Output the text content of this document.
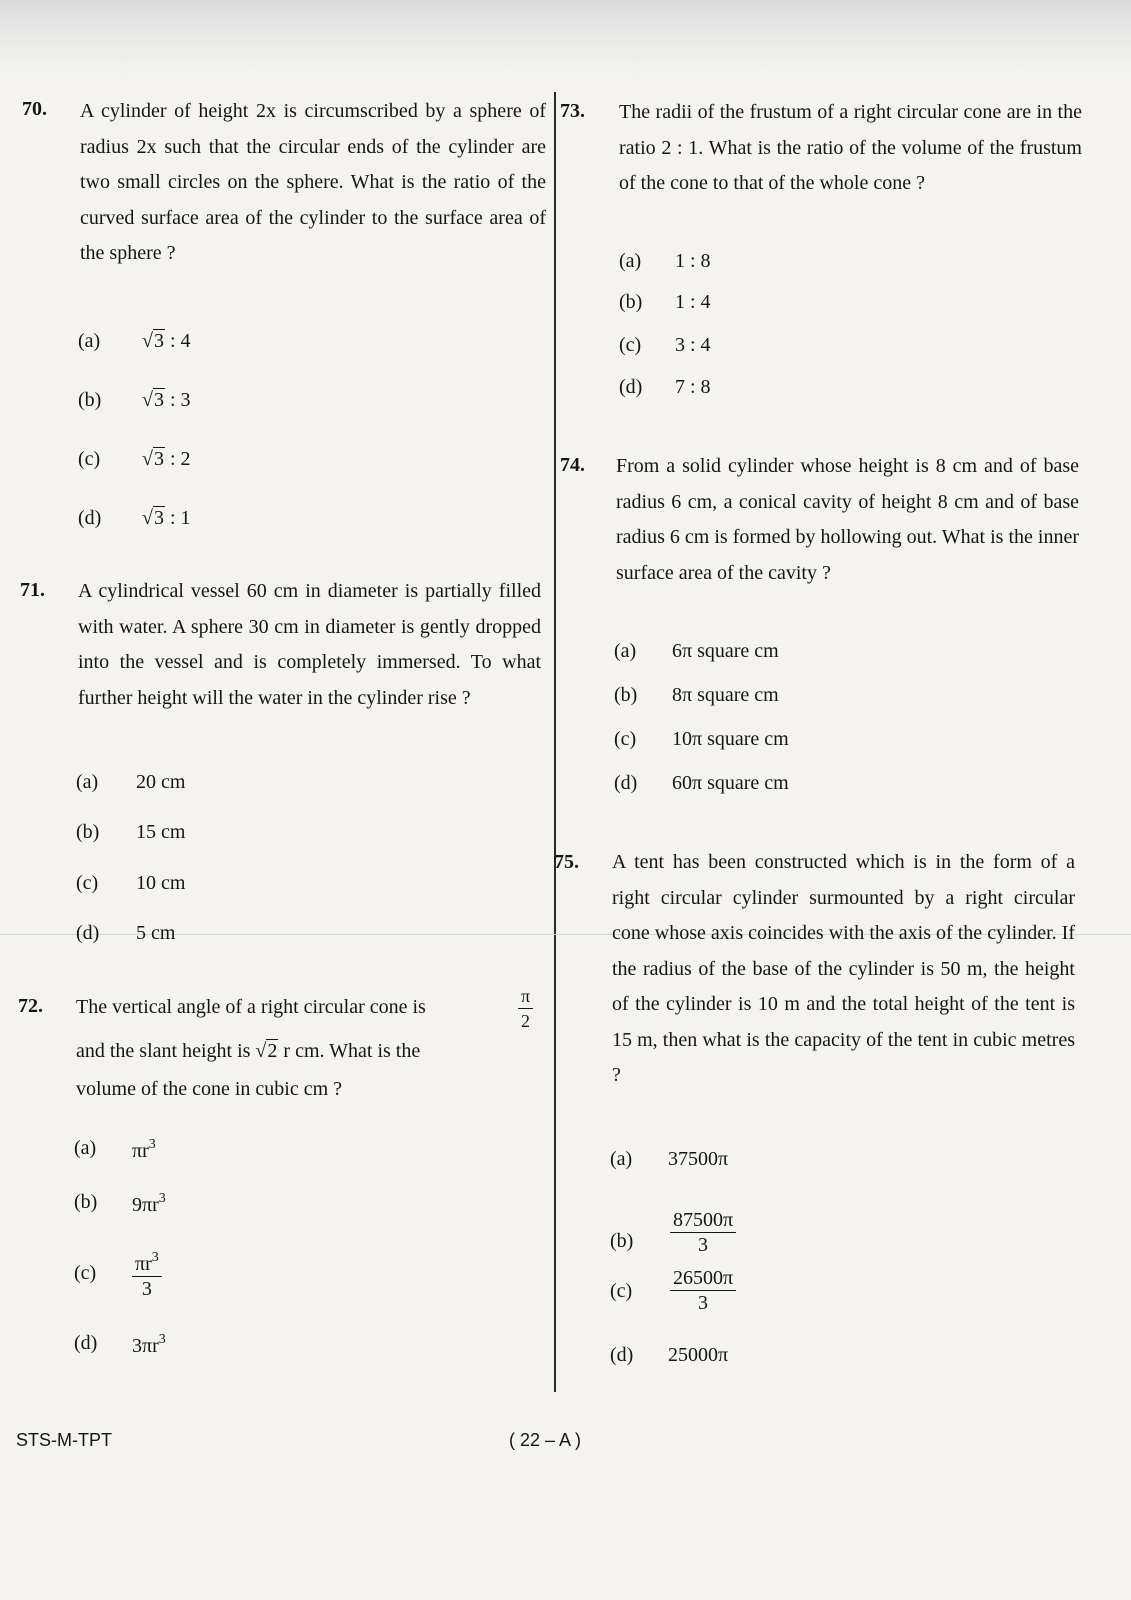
70. A cylinder of height 2x is circumscribed by a sphere of radius 2x such that the circular ends of the cylinder are two small circles on the sphere. What is the ratio of the curved surface area of the cylinder to the surface area of the sphere ?
(a) √3 : 4
(b) √3 : 3
(c) √3 : 2
(d) √3 : 1
71. A cylindrical vessel 60 cm in diameter is partially filled with water. A sphere 30 cm in diameter is gently dropped into the vessel and is completely immersed. To what further height will the water in the cylinder rise ?
(a) 20 cm
(b) 15 cm
(c) 10 cm
(d) 5 cm
72. The vertical angle of a right circular cone is	$\frac{\pi}{2}$
and the slant height is √2 r cm. What is the
volume of the cone in cubic cm ?
(a) $\pi r^3$
(b) $9\pi r^3$
$(c) \frac{\pi r^3}{3}$
(d) $3\pi r^3$
73. The radii of the frustum of a right circular cone are in the ratio 2 : 1. What is the ratio of the volume of the frustum of the cone to that of the whole cone ?
(a) 1 : 8
(b) 1 : 4
(c) 3 : 4
(d) 7 : 8
74. From a solid cylinder whose height is 8 cm and of base radius 6 cm, a conical cavity of height 8 cm and of base radius 6 cm is formed by hollowing out. What is the inner surface area of the cavity ?
(a) 6π square cm
(b) 8π square cm
(c) 10π square cm
(d) 60π square cm
75. A tent has been constructed which is in the form of a right circular cylinder surmounted by a right circular cone whose axis coincides with the axis of the cylinder. If the radius of the base of the cylinder is 50 m, the height of the cylinder is 10 m and the total height of the tent is 15 m, then what is the capacity of the tent in cubic metres ?
(a) 37500π
$(b) \frac{87500\pi}{3}$
$(c) \frac{26500\pi}{3}$
(d) 25000π
STS-M-TPT	( 22 – A )
